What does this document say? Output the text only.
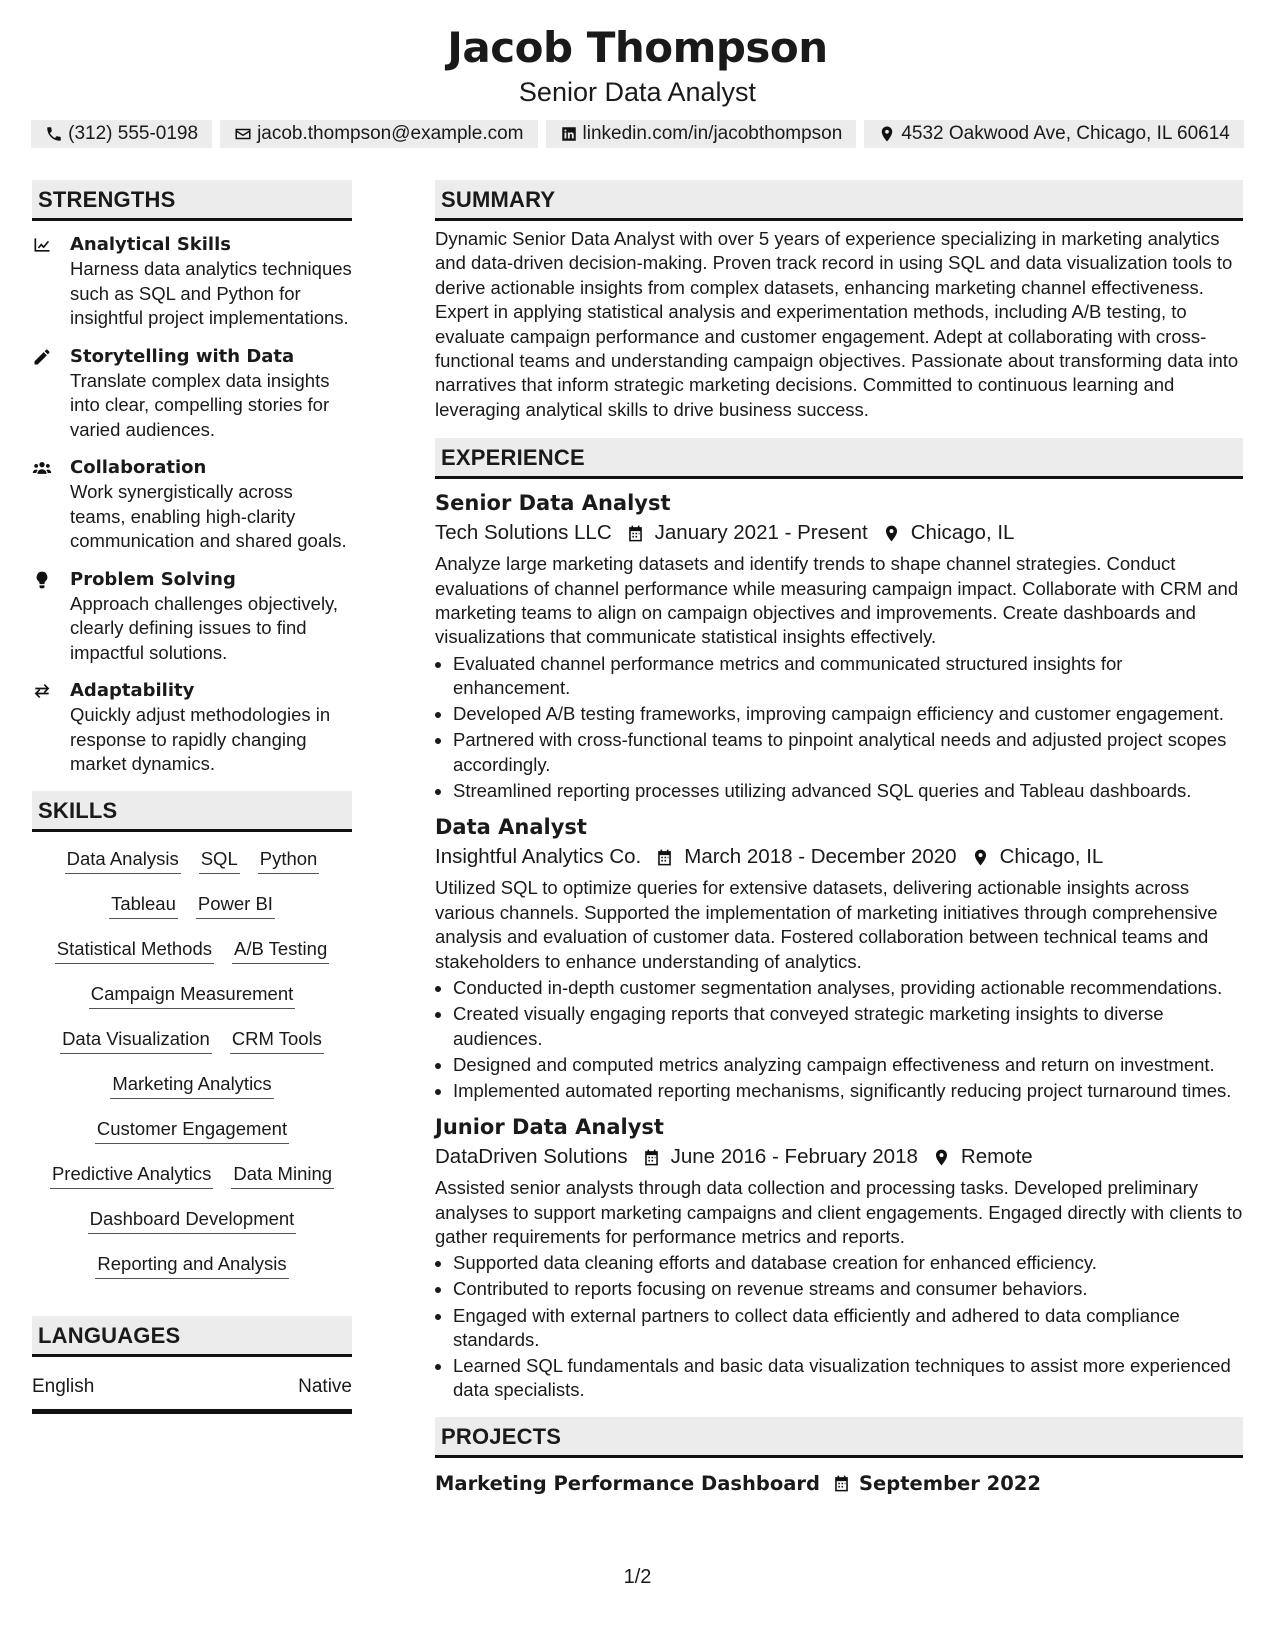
Jacob Thompson
Senior Data Analyst
(312) 555-0198	jacob.thompson@example.com	linkedin.com/in/jacobthompson	4532 Oakwood Ave, Chicago, IL 60614
STRENGTHS
Analytical Skills
Harness data analytics techniques such as SQL and Python for insightful project implementations.
Storytelling with Data
Translate complex data insights into clear, compelling stories for varied audiences.
Collaboration
Work synergistically across teams, enabling high-clarity communication and shared goals.
Problem Solving
Approach challenges objectively, clearly defining issues to find impactful solutions.
Adaptability
Quickly adjust methodologies in response to rapidly changing market dynamics.
SKILLS
Data Analysis SQL Python
Tableau Power BI
Statistical Methods A/B Testing
Campaign Measurement
Data Visualization CRM Tools
Marketing Analytics
Customer Engagement
Predictive Analytics Data Mining
Dashboard Development
Reporting and Analysis
LANGUAGES
English	Native
SUMMARY
Dynamic Senior Data Analyst with over 5 years of experience specializing in marketing analytics and data-driven decision-making. Proven track record in using SQL and data visualization tools to derive actionable insights from complex datasets, enhancing marketing channel effectiveness. Expert in applying statistical analysis and experimentation methods, including A/B testing, to evaluate campaign performance and customer engagement. Adept at collaborating with cross-functional teams and understanding campaign objectives. Passionate about transforming data into narratives that inform strategic marketing decisions. Committed to continuous learning and leveraging analytical skills to drive business success.
EXPERIENCE
Senior Data Analyst
Tech Solutions LLC January 2021 - Present Chicago, IL
Analyze large marketing datasets and identify trends to shape channel strategies. Conduct evaluations of channel performance while measuring campaign impact. Collaborate with CRM and marketing teams to align on campaign objectives and improvements. Create dashboards and visualizations that communicate statistical insights effectively.
• Evaluated channel performance metrics and communicated structured insights for enhancement.
• Developed A/B testing frameworks, improving campaign efficiency and customer engagement.
• Partnered with cross-functional teams to pinpoint analytical needs and adjusted project scopes accordingly.
• Streamlined reporting processes utilizing advanced SQL queries and Tableau dashboards.
Data Analyst
Insightful Analytics Co. March 2018 - December 2020 Chicago, IL
Utilized SQL to optimize queries for extensive datasets, delivering actionable insights across various channels. Supported the implementation of marketing initiatives through comprehensive analysis and evaluation of customer data. Fostered collaboration between technical teams and stakeholders to enhance understanding of analytics.
• Conducted in-depth customer segmentation analyses, providing actionable recommendations.
• Created visually engaging reports that conveyed strategic marketing insights to diverse audiences.
• Designed and computed metrics analyzing campaign effectiveness and return on investment.
• Implemented automated reporting mechanisms, significantly reducing project turnaround times.
Junior Data Analyst
DataDriven Solutions June 2016 - February 2018 Remote
Assisted senior analysts through data collection and processing tasks. Developed preliminary analyses to support marketing campaigns and client engagements. Engaged directly with clients to gather requirements for performance metrics and reports.
• Supported data cleaning efforts and database creation for enhanced efficiency.
• Contributed to reports focusing on revenue streams and consumer behaviors.
• Engaged with external partners to collect data efficiently and adhered to data compliance standards.
• Learned SQL fundamentals and basic data visualization techniques to assist more experienced data specialists.
PROJECTS
Marketing Performance Dashboard September 2022
1/2
